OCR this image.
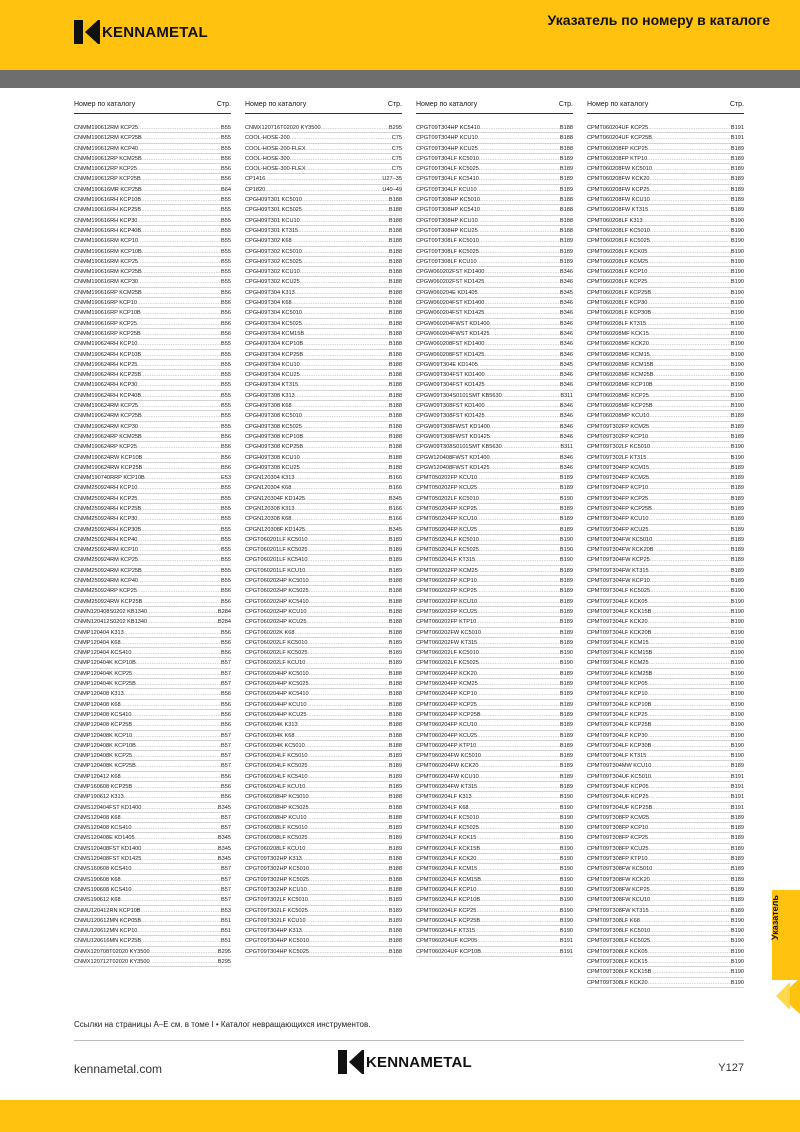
KENNAMETAL
Указатель по номеру в каталоге
Номер по каталогу	Стр.
CNMM190612RM KCP25 .....	B55
CNMM190612RM KCP25B .....	B55
CNMM190612RM KCP40 .....	B55
CNMM190612RP KCM25B .....	B56
CNMM190612RP KCP25 .....	B56
CNMM190612RP KCP25B .....	B56
CNMM190616MR KCP25B .....	B64
CNMM190616RH KCP10B .....	B55
CNMM190616RH KCP25B .....	B55
CNMM190616RH KCP30 .....	B55
CNMM190616RH KCP40B .....	B55
CNMM190616RM KCP10 .....	B55
CNMM190616RM KCP10B .....	B55
CNMM190616RM KCP25 .....	B55
CNMM190616RM KCP25B .....	B55
CNMM190616RM KCP30 .....	B55
CNMM190616RP KCM25B .....	B56
CNMM190616RP KCP10 .....	B56
CNMM190616RP KCP10B .....	B56
CNMM190616RP KCP25 .....	B56
CNMM190616RP KCP25B .....	B56
CNMM190624RH KCP10 .....	B55
CNMM190624RH KCP10B .....	B55
CNMM190624RH KCP25 .....	B55
CNMM190624RH KCP25B .....	B55
CNMM190624RH KCP30 .....	B55
CNMM190624RH KCP40B .....	B55
CNMM190624RM KCP25 .....	B55
CNMM190624RM KCP25B .....	B55
CNMM190624RM KCP30 .....	B55
CNMM190624RP KCM25B .....	B56
CNMM190624RP KCP25 .....	B56
CNMM190624RW KCP10B .....	B56
CNMM190624RW KCP25B .....	B56
CNMM190740RRP KCP10B .....	E53
CNMM250924RH KCP10 .....	B55
CNMM250924RH KCP25 .....	B55
CNMM250924RH KCP25B .....	B55
CNMM250924RH KCP30 .....	B55
CNMM250924RH KCP30B .....	B55
CNMM250924RH KCP40 .....	B55
CNMM250924RM KCP10 .....	B55
CNMM250924RM KCP25 .....	B55
CNMM250924RM KCP25B .....	B55
CNMM250924RM KCP40 .....	B55
CNMM250924RP KCP25 .....	B56
CNMM250924RW KCP25B .....	B56
CNMN120408S0202 KB1340 .....	B284
CNMN120412S0202 KB1340 .....	B284
CNMP120404 K313 .....	B56
CNMP120404 K68 .....	B56
CNMP120404 KCS410 .....	B56
CNMP120404K KCP10B .....	B57
CNMP120404K KCP25 .....	B57
CNMP120404K KCP25B .....	B57
CNMP120408 K313 .....	B56
CNMP120408 K68 .....	B56
CNMP120408 KCS410 .....	B56
CNMP120408 KCP25B .....	B56
CNMP120408K KCP10 .....	B57
CNMP120408K KCP10B .....	B57
CNMP120408K KCP25 .....	B57
CNMP120408K KCP25B .....	B57
CNMP120412 K68 .....	B56
CNMP160608 KCP25B .....	B56
CNMP190612 K313 .....	B56
CNMS120404FST KD1400 .....	B345
CNMS120408 K68 .....	B57
CNMS120408 KCS410 .....	B57
CNMS120408E KD1405 .....	B345
CNMS120408FST KD1400 .....	B345
CNMS120408FST KD1425 .....	B345
CNMS160608 KCS410 .....	B57
CNMS190608 K68 .....	B57
CNMS190608 KCS410 .....	B57
CNMS190612 K68 .....	B57
CNMU120412RN KCP10B .....	B53
CNMU120612MN KCP05B .....	B51
CNMU120612MN KCP10 .....	B51
CNMU120616MN KCP25B .....	B51
CNMX120708T02020 KY3500 .....	B295
CNMX120712T02020 KY3500 .....	B295
Номер по каталогу	Стр.
CNMX120716T02020 KY3500 .....	B295
COOL-HOSE-200 .....	C75
COOL-HOSE-200-FLEX .....	C75
COOL-HOSE-300 .....	C75
COOL-HOSE-300-FLEX .....	C75
CP1416 .....	U27–35
CP1820 .....	U40–49
CPGH09T301 KC5010 .....	B188
CPGH09T301 KC5025 .....	B188
CPGH09T301 KCU10 .....	B188
CPGH09T301 KT315 .....	B188
CPGH09T302 K68 .....	B188
CPGH09T302 KC5010 .....	B188
CPGH09T302 KC5025 .....	B188
CPGH09T302 KCU10 .....	B188
CPGH09T302 KCU25 .....	B188
CPGH09T304 K313 .....	B188
CPGH09T304 K68 .....	B188
CPGH09T304 KC5010 .....	B188
CPGH09T304 KC5025 .....	B188
CPGH09T304 KCM15B .....	B188
CPGH09T304 KCP10B .....	B188
CPGH09T304 KCP25B .....	B188
CPGH09T304 KCU10 .....	B188
CPGH09T304 KCU25 .....	B188
CPGH09T304 KT315 .....	B188
CPGH09T308 K313 .....	B188
CPGH09T308 K68 .....	B188
CPGH09T308 KC5010 .....	B188
CPGH09T308 KC5025 .....	B188
CPGH09T308 KCP10B .....	B188
CPGH09T308 KCP25B .....	B188
CPGH09T308 KCU10 .....	B188
CPGH09T308 KCU25 .....	B188
CPGN120304 K313 .....	B166
CPGN120304 K68 .....	B166
CPGN120304F KD1425 .....	B345
CPGN120308 K313 .....	B166
CPGN120308 K68 .....	B166
CPGN120308F KD1425 .....	B345
CPGT060201LF KC5010 .....	B189
CPGT060201LF KC5025 .....	B189
CPGT060201LF KC5410 .....	B189
CPGT060201LF KCU10 .....	B189
CPGT060202HP KC5010 .....	B188
CPGT060202HP KC5025 .....	B188
CPGT060202HP KC5410 .....	B188
CPGT060202HP KCU10 .....	B188
CPGT060202HP KCU25 .....	B188
CPGT060202K K68 .....	B188
CPGT060202LF KC5010 .....	B189
CPGT060202LF KC5025 .....	B189
CPGT060202LF KCU10 .....	B189
CPGT060204HP KC5010 .....	B188
CPGT060204HP KC5025 .....	B188
CPGT060204HP KC5410 .....	B188
CPGT060204HP KCU10 .....	B188
CPGT060204HP KCU25 .....	B188
CPGT060204K K313 .....	B188
CPGT060204K K68 .....	B188
CPGT060204K KC5010 .....	B188
CPGT060204LF KC5010 .....	B189
CPGT060204LF KC5025 .....	B189
CPGT060204LF KC5410 .....	B189
CPGT060204LF KCU10 .....	B189
CPGT060208HP KC5010 .....	B188
CPGT060208HP KC5025 .....	B188
CPGT060208HP KCU10 .....	B188
CPGT060208LF KC5010 .....	B189
CPGT060208LF KC5025 .....	B189
CPGT060208LF KCU10 .....	B189
CPGT09T302HP K313 .....	B188
CPGT09T302HP KC5010 .....	B188
CPGT09T302HP KC5025 .....	B188
CPGT09T302HP KCU10 .....	B188
CPGT09T302LF KC5010 .....	B189
CPGT09T302LF KC5025 .....	B189
CPGT09T302LF KCU10 .....	B189
CPGT09T304HP K313 .....	B188
CPGT09T304HP KC5010 .....	B188
CPGT09T304HP KC5025 .....	B188
Номер по каталогу	Стр.
CPGT09T304HP KC5410 .....	B188
CPGT09T304HP KCU10 .....	B188
CPGT09T304HP KCU25 .....	B188
CPGT09T304LF KC5010 .....	B189
CPGT09T304LF KC5025 .....	B189
CPGT09T304LF KC5410 .....	B189
CPGT09T304LF KCU10 .....	B189
CPGT09T308HP KC5010 .....	B188
CPGT09T308HP KC5410 .....	B188
CPGT09T308HP KCU10 .....	B188
CPGT09T308HP KCU25 .....	B188
CPGT09T308LF KC5010 .....	B189
CPGT09T308LF KC5025 .....	B189
CPGT09T308LF KCU10 .....	B189
CPGW060202FST KD1400 .....	B346
CPGW060202FST KD1425 .....	B346
CPGW060204E KD1405 .....	B345
CPGW060204FST KD1400 .....	B346
CPGW060204FST KD1425 .....	B346
CPGW060204FWST KD1400 .....	B346
CPGW060204FWST KD1425 .....	B346
CPGW060208FST KD1400 .....	B346
CPGW060208FST KD1425 .....	B346
CPGW09T304E KD1405 .....	B345
CPGW09T304FST KD1400 .....	B346
CPGW09T304FST KD1425 .....	B346
CPGW09T304S0101SMT KB5630 .....	B311
CPGW09T308FST KD1400 .....	B346
CPGW09T308FST KD1425 .....	B346
CPGW09T308FWST KD1400 .....	B346
CPGW09T308FWST KD1425 .....	B346
CPGW09T308S0101SMT KB5630 .....	B311
CPGW120408FWST KD1400 .....	B346
CPGW120408FWST KD1425 .....	B346
CPMT050202FP KCU10 .....	B189
CPMT050202FP KCU25 .....	B189
CPMT050202LF KC5010 .....	B190
CPMT050204FP KCP25 .....	B189
CPMT050204FP KCU10 .....	B189
CPMT050204FP KCU25 .....	B189
CPMT050204LF KC5010 .....	B190
CPMT050204LF KC5025 .....	B190
CPMT050204LF KT315 .....	B190
CPMT060202FP KCM25 .....	B189
CPMT060202FP KCP10 .....	B189
CPMT060202FP KCP25 .....	B189
CPMT060202FP KCU10 .....	B189
CPMT060202FP KCU25 .....	B189
CPMT060202FP KTP10 .....	B189
CPMT060202FW KC5010 .....	B189
CPMT060202FW KT315 .....	B189
CPMT060202LF KC5010 .....	B190
CPMT060202LF KC5025 .....	B190
CPMT060204FP KCK20 .....	B189
CPMT060204FP KCM25 .....	B189
CPMT060204FP KCP10 .....	B189
CPMT060204FP KCP25 .....	B189
CPMT060204FP KCP25B .....	B189
CPMT060204FP KCU10 .....	B189
CPMT060204FP KCU25 .....	B189
CPMT060204FP KTP10 .....	B189
CPMT060204FW KC5010 .....	B189
CPMT060204FW KCK20 .....	B189
CPMT060204FW KCU10 .....	B189
CPMT060204FW KT315 .....	B189
CPMT060204LF K313 .....	B190
CPMT060204LF K68 .....	B190
CPMT060204LF KC5010 .....	B190
CPMT060204LF KC5025 .....	B190
CPMT060204LF KCK15 .....	B190
CPMT060204LF KCK15B .....	B190
CPMT060204LF KCK20 .....	B190
CPMT060204LF KCM15 .....	B190
CPMT060204LF KCM15B .....	B190
CPMT060204LF KCP10 .....	B190
CPMT060204LF KCP10B .....	B190
CPMT060204LF KCP25 .....	B190
CPMT060204LF KCP25B .....	B190
CPMT060204LF KT315 .....	B190
CPMT060204UF KCP05 .....	B191
CPMT060204UF KCP10B .....	B191
Номер по каталогу	Стр.
CPMT060204UF KCP25 .....	B191
CPMT060204UF KCP25B .....	B191
CPMT060208FP KCP25 .....	B189
CPMT060208FP KTP10 .....	B189
CPMT060208FW KC5010 .....	B189
CPMT060208FW KCK20 .....	B189
CPMT060208FW KCP25 .....	B189
CPMT060208FW KCU10 .....	B189
CPMT060208FW KT315 .....	B189
CPMT060208LF K313 .....	B190
CPMT060208LF KC5010 .....	B190
CPMT060208LF KC5025 .....	B190
CPMT060208LF KCK05 .....	B190
CPMT060208LF KCM25 .....	B190
CPMT060208LF KCP10 .....	B190
CPMT060208LF KCP25 .....	B190
CPMT060208LF KCP25B .....	B190
CPMT060208LF KCP30 .....	B190
CPMT060208LF KCP30B .....	B190
CPMT060208LF KT315 .....	B190
CPMT060208MF KCK15 .....	B190
CPMT060208MF KCK20 .....	B190
CPMT060208MF KCM15 .....	B190
CPMT060208MF KCM15B .....	B190
CPMT060208MF KCM25B .....	B190
CPMT060208MF KCP10B .....	B190
CPMT060208MF KCP25 .....	B190
CPMT060208MF KCP25B .....	B190
CPMT060208MP KCU10 .....	B189
CPMT09T302FP KCM25 .....	B189
CPMT09T302FP KCP10 .....	B189
CPMT09T302LF KC5010 .....	B190
CPMT09T302LF KT315 .....	B190
CPMT09T304FP KCM15 .....	B189
CPMT09T304FP KCM25 .....	B189
CPMT09T304FP KCP10 .....	B189
CPMT09T304FP KCP25 .....	B189
CPMT09T304FP KCP25B .....	B189
CPMT09T304FP KCU10 .....	B189
CPMT09T304FP KCU25 .....	B189
CPMT09T304FW KC5010 .....	B189
CPMT09T304FW KCK20B .....	B189
CPMT09T304FW KCP25 .....	B189
CPMT09T304FW KT315 .....	B189
CPMT09T304FW KCP10 .....	B189
CPMT09T304LF KC5025 .....	B190
CPMT09T304LF KCK05 .....	B190
CPMT09T304LF KCK15B .....	B190
CPMT09T304LF KCK20 .....	B190
CPMT09T304LF KCK20B .....	B190
CPMT09T304LF KCM15 .....	B190
CPMT09T304LF KCM15B .....	B190
CPMT09T304LF KCM25 .....	B190
CPMT09T304LF KCM25B .....	B190
CPMT09T304LF KCP05 .....	B190
CPMT09T304LF KCP10 .....	B190
CPMT09T304LF KCP10B .....	B190
CPMT09T304LF KCP25 .....	B190
CPMT09T304LF KCP25B .....	B190
CPMT09T304LF KCP30 .....	B190
CPMT09T304LF KCP30B .....	B190
CPMT09T304LF KT315 .....	B190
CPMT09T304MW KCU10 .....	B189
CPMT09T304UF KC5010 .....	B191
CPMT09T304UF KCP05 .....	B191
CPMT09T304UF KCP25 .....	B191
CPMT09T304UF KCP25B .....	B191
CPMT09T308FP KCM25 .....	B189
CPMT09T308FP KCP10 .....	B189
CPMT09T308FP KCP25 .....	B189
CPMT09T308FP KCU25 .....	B189
CPMT09T308FP KTP10 .....	B189
CPMT09T308FW KC5010 .....	B189
CPMT09T308FW KCK20 .....	B189
CPMT09T308FW KCP25 .....	B189
CPMT09T308FW KCU10 .....	B189
CPMT09T308FW KT315 .....	B189
CPMT09T308LF K68 .....	B190
CPMT09T308LF KC5010 .....	B190
CPMT09T308LF KC5025 .....	B190
CPMT09T308LF KCK05 .....	B190
CPMT09T308LF KCK15 .....	B190
CPMT09T308LF KCK15B .....	B190
CPMT09T308LF KCK20 .....	B190
Указатель
Ссылки на страницы A–E см. в томе I • Каталог невращающихся инструментов.
kennametal.com	KENNAMETAL	Y127
